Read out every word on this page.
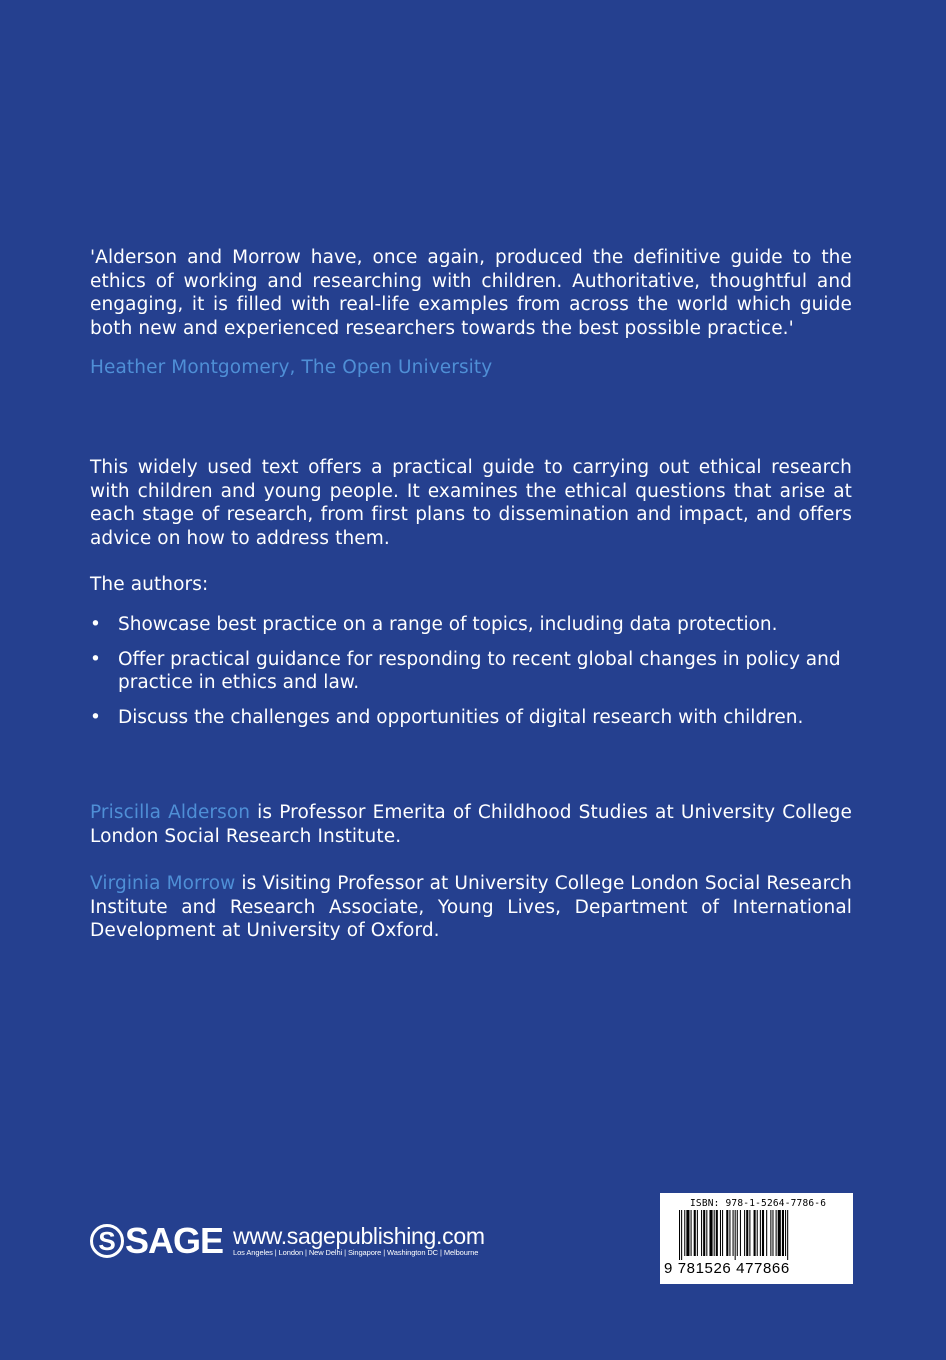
'Alderson and Morrow have, once again, produced the definitive guide to the ethics of working and researching with children. Authoritative, thoughtful and engaging, it is filled with real-life examples from across the world which guide both new and experienced researchers towards the best possible practice.'
Heather Montgomery, The Open University
This widely used text offers a practical guide to carrying out ethical research with children and young people. It examines the ethical questions that arise at each stage of research, from first plans to dissemination and impact, and offers advice on how to address them.
The authors:
• Showcase best practice on a range of topics, including data protection.
• Offer practical guidance for responding to recent global changes in policy and practice in ethics and law.
• Discuss the challenges and opportunities of digital research with children.
Priscilla Alderson is Professor Emerita of Childhood Studies at University College London Social Research Institute.
Virginia Morrow is Visiting Professor at University College London Social Research Institute and Research Associate, Young Lives, Department of International Development at University of Oxford.
S SAGE www.sagepublishing.com
Los Angeles | London | New Delhi | Singapore | Washington DC | Melbourne
ISBN: 978-1-5264-7786-6
9 781526 477866
